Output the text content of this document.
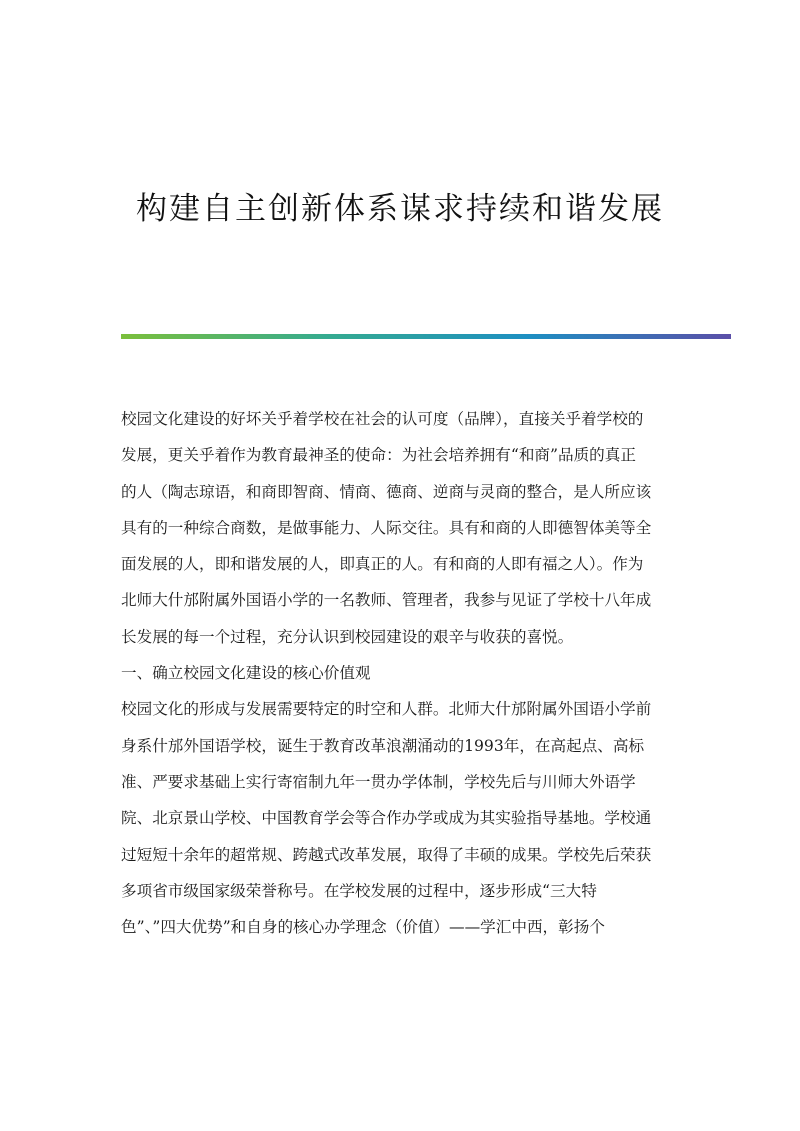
构建自主创新体系谋求持续和谐发展
校园文化建设的好坏关乎着学校在社会的认可度（品牌），直接关乎着学校的
发展，更关乎着作为教育最神圣的使命：为社会培养拥有“和商”品质的真正
的人（陶志琼语，和商即智商、情商、德商、逆商与灵商的整合，是人所应该
具有的一种综合商数，是做事能力、人际交往。具有和商的人即德智体美等全
面发展的人，即和谐发展的人，即真正的人。有和商的人即有福之人）。作为
北师大什邡附属外国语小学的一名教师、管理者，我参与见证了学校十八年成
长发展的每一个过程，充分认识到校园建设的艰辛与收获的喜悦。
一、确立校园文化建设的核心价值观
校园文化的形成与发展需要特定的时空和人群。北师大什邡附属外国语小学前
身系什邡外国语学校，诞生于教育改革浪潮涌动的1993年，在高起点、高标
准、严要求基础上实行寄宿制九年一贯办学体制，学校先后与川师大外语学
院、北京景山学校、中国教育学会等合作办学或成为其实验指导基地。学校通
过短短十余年的超常规、跨越式改革发展，取得了丰硕的成果。学校先后荣获
多项省市级国家级荣誉称号。在学校发展的过程中，逐步形成“三大特
色”、”四大优势”和自身的核心办学理念（价值）——学汇中西，彰扬个
